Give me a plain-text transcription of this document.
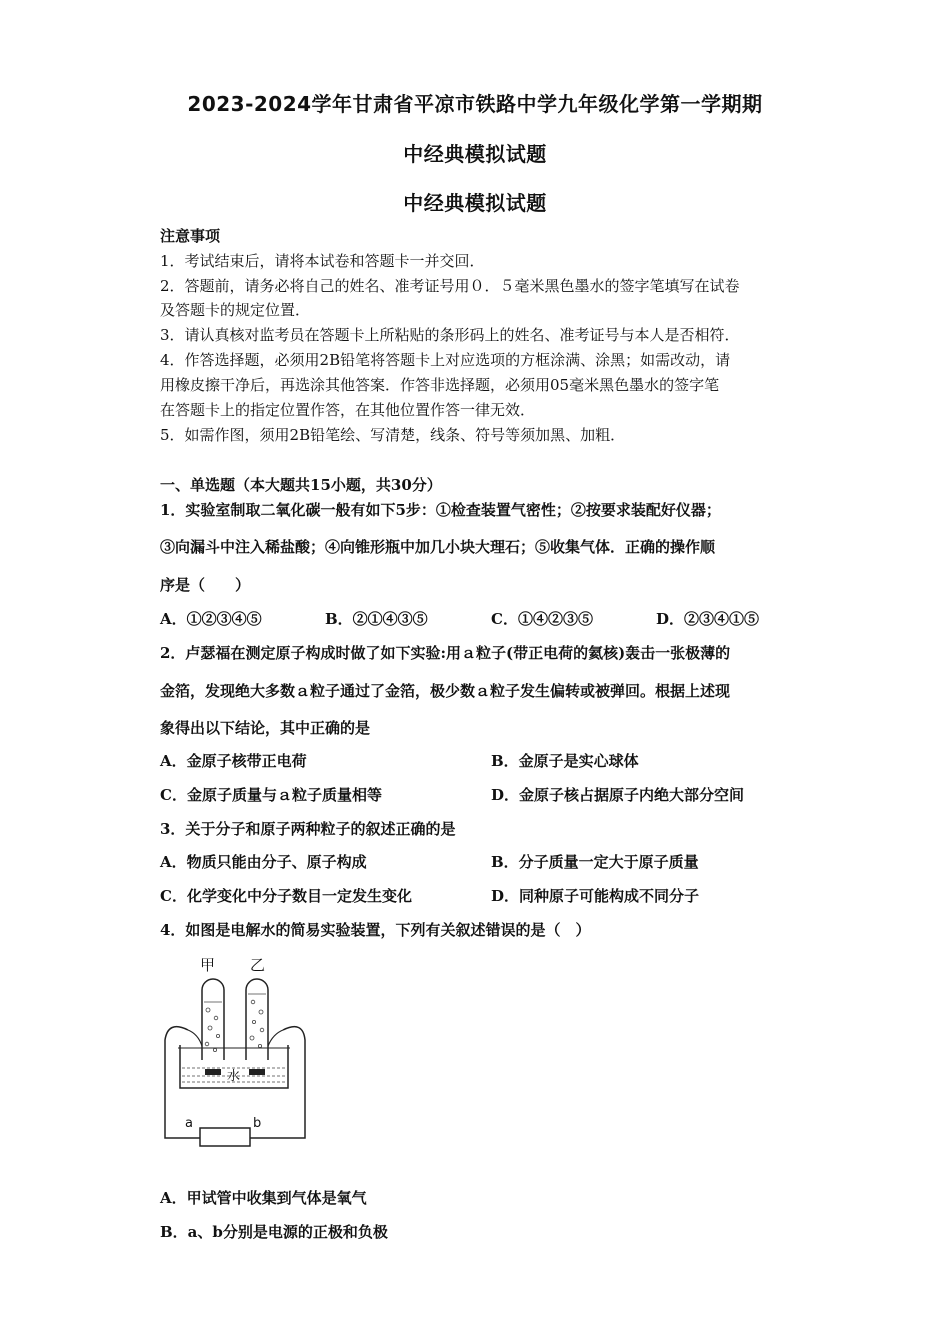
2023-2024学年甘肃省平凉市铁路中学九年级化学第一学期期
中经典模拟试题
中经典模拟试题
注意事项
1．考试结束后，请将本试卷和答题卡一并交回．
2．答题前，请务必将自己的姓名、准考证号用０．５毫米黑色墨水的签字笔填写在试卷
及答题卡的规定位置．
3．请认真核对监考员在答题卡上所粘贴的条形码上的姓名、准考证号与本人是否相符．
4．作答选择题，必须用2B铅笔将答题卡上对应选项的方框涂满、涂黑；如需改动，请
用橡皮擦干净后，再选涂其他答案．作答非选择题，必须用05毫米黑色墨水的签字笔
在答题卡上的指定位置作答，在其他位置作答一律无效．
5．如需作图，须用2B铅笔绘、写清楚，线条、符号等须加黑、加粗．
一、单选题（本大题共15小题，共30分）
1．实验室制取二氧化碳一般有如下5步：①检查装置气密性；②按要求装配好仪器；
③向漏斗中注入稀盐酸；④向锥形瓶中加几小块大理石；⑤收集气体．正确的操作顺
序是（　　）
A．①②③④⑤	B．②①④③⑤	C．①④②③⑤	D．②③④①⑤
2．卢瑟福在测定原子构成时做了如下实验:用ａ粒子(带正电荷的氦核)轰击一张极薄的
金箔，发现绝大多数ａ粒子通过了金箔，极少数ａ粒子发生偏转或被弹回。根据上述现
象得出以下结论，其中正确的是
A．金原子核带正电荷	B．金原子是实心球体
C．金原子质量与ａ粒子质量相等	D．金原子核占据原子内绝大部分空间
3．关于分子和原子两种粒子的叙述正确的是
A．物质只能由分子、原子构成	B．分子质量一定大于原子质量
C．化学变化中分子数目一定发生变化	D．同种原子可能构成不同分子
4．如图是电解水的简易实验装置，下列有关叙述错误的是（　）
甲 乙
水
a	b
A．甲试管中收集到气体是氧气
B．a、b分别是电源的正极和负极
